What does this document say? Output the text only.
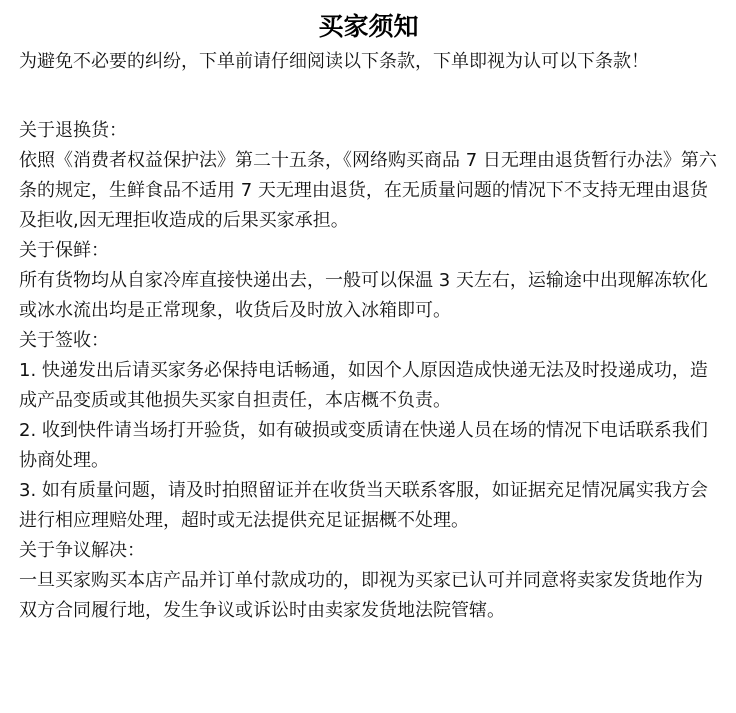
买家须知

为避免不必要的纠纷，下单前请仔细阅读以下条款，下单即视为认可以下条款！

关于退换货：

依照《消费者权益保护法》第二十五条，《网络购买商品 7 日无理由退货暂行办法》第六条的规定，生鲜食品不适用 7 天无理由退货，在无质量问题的情况下不支持无理由退货及拒收,因无理拒收造成的后果买家承担。

关于保鲜：

所有货物均从自家冷库直接快递出去，一般可以保温 3 天左右，运输途中出现解冻软化或冰水流出均是正常现象，收货后及时放入冰箱即可。

关于签收：

1. 快递发出后请买家务必保持电话畅通，如因个人原因造成快递无法及时投递成功，造成产品变质或其他损失买家自担责任，本店概不负责。

2. 收到快件请当场打开验货，如有破损或变质请在快递人员在场的情况下电话联系我们协商处理。

3. 如有质量问题，请及时拍照留证并在收货当天联系客服，如证据充足情况属实我方会进行相应理赔处理，超时或无法提供充足证据概不处理。

关于争议解决：

一旦买家购买本店产品并订单付款成功的，即视为买家已认可并同意将卖家发货地作为双方合同履行地，发生争议或诉讼时由卖家发货地法院管辖。
